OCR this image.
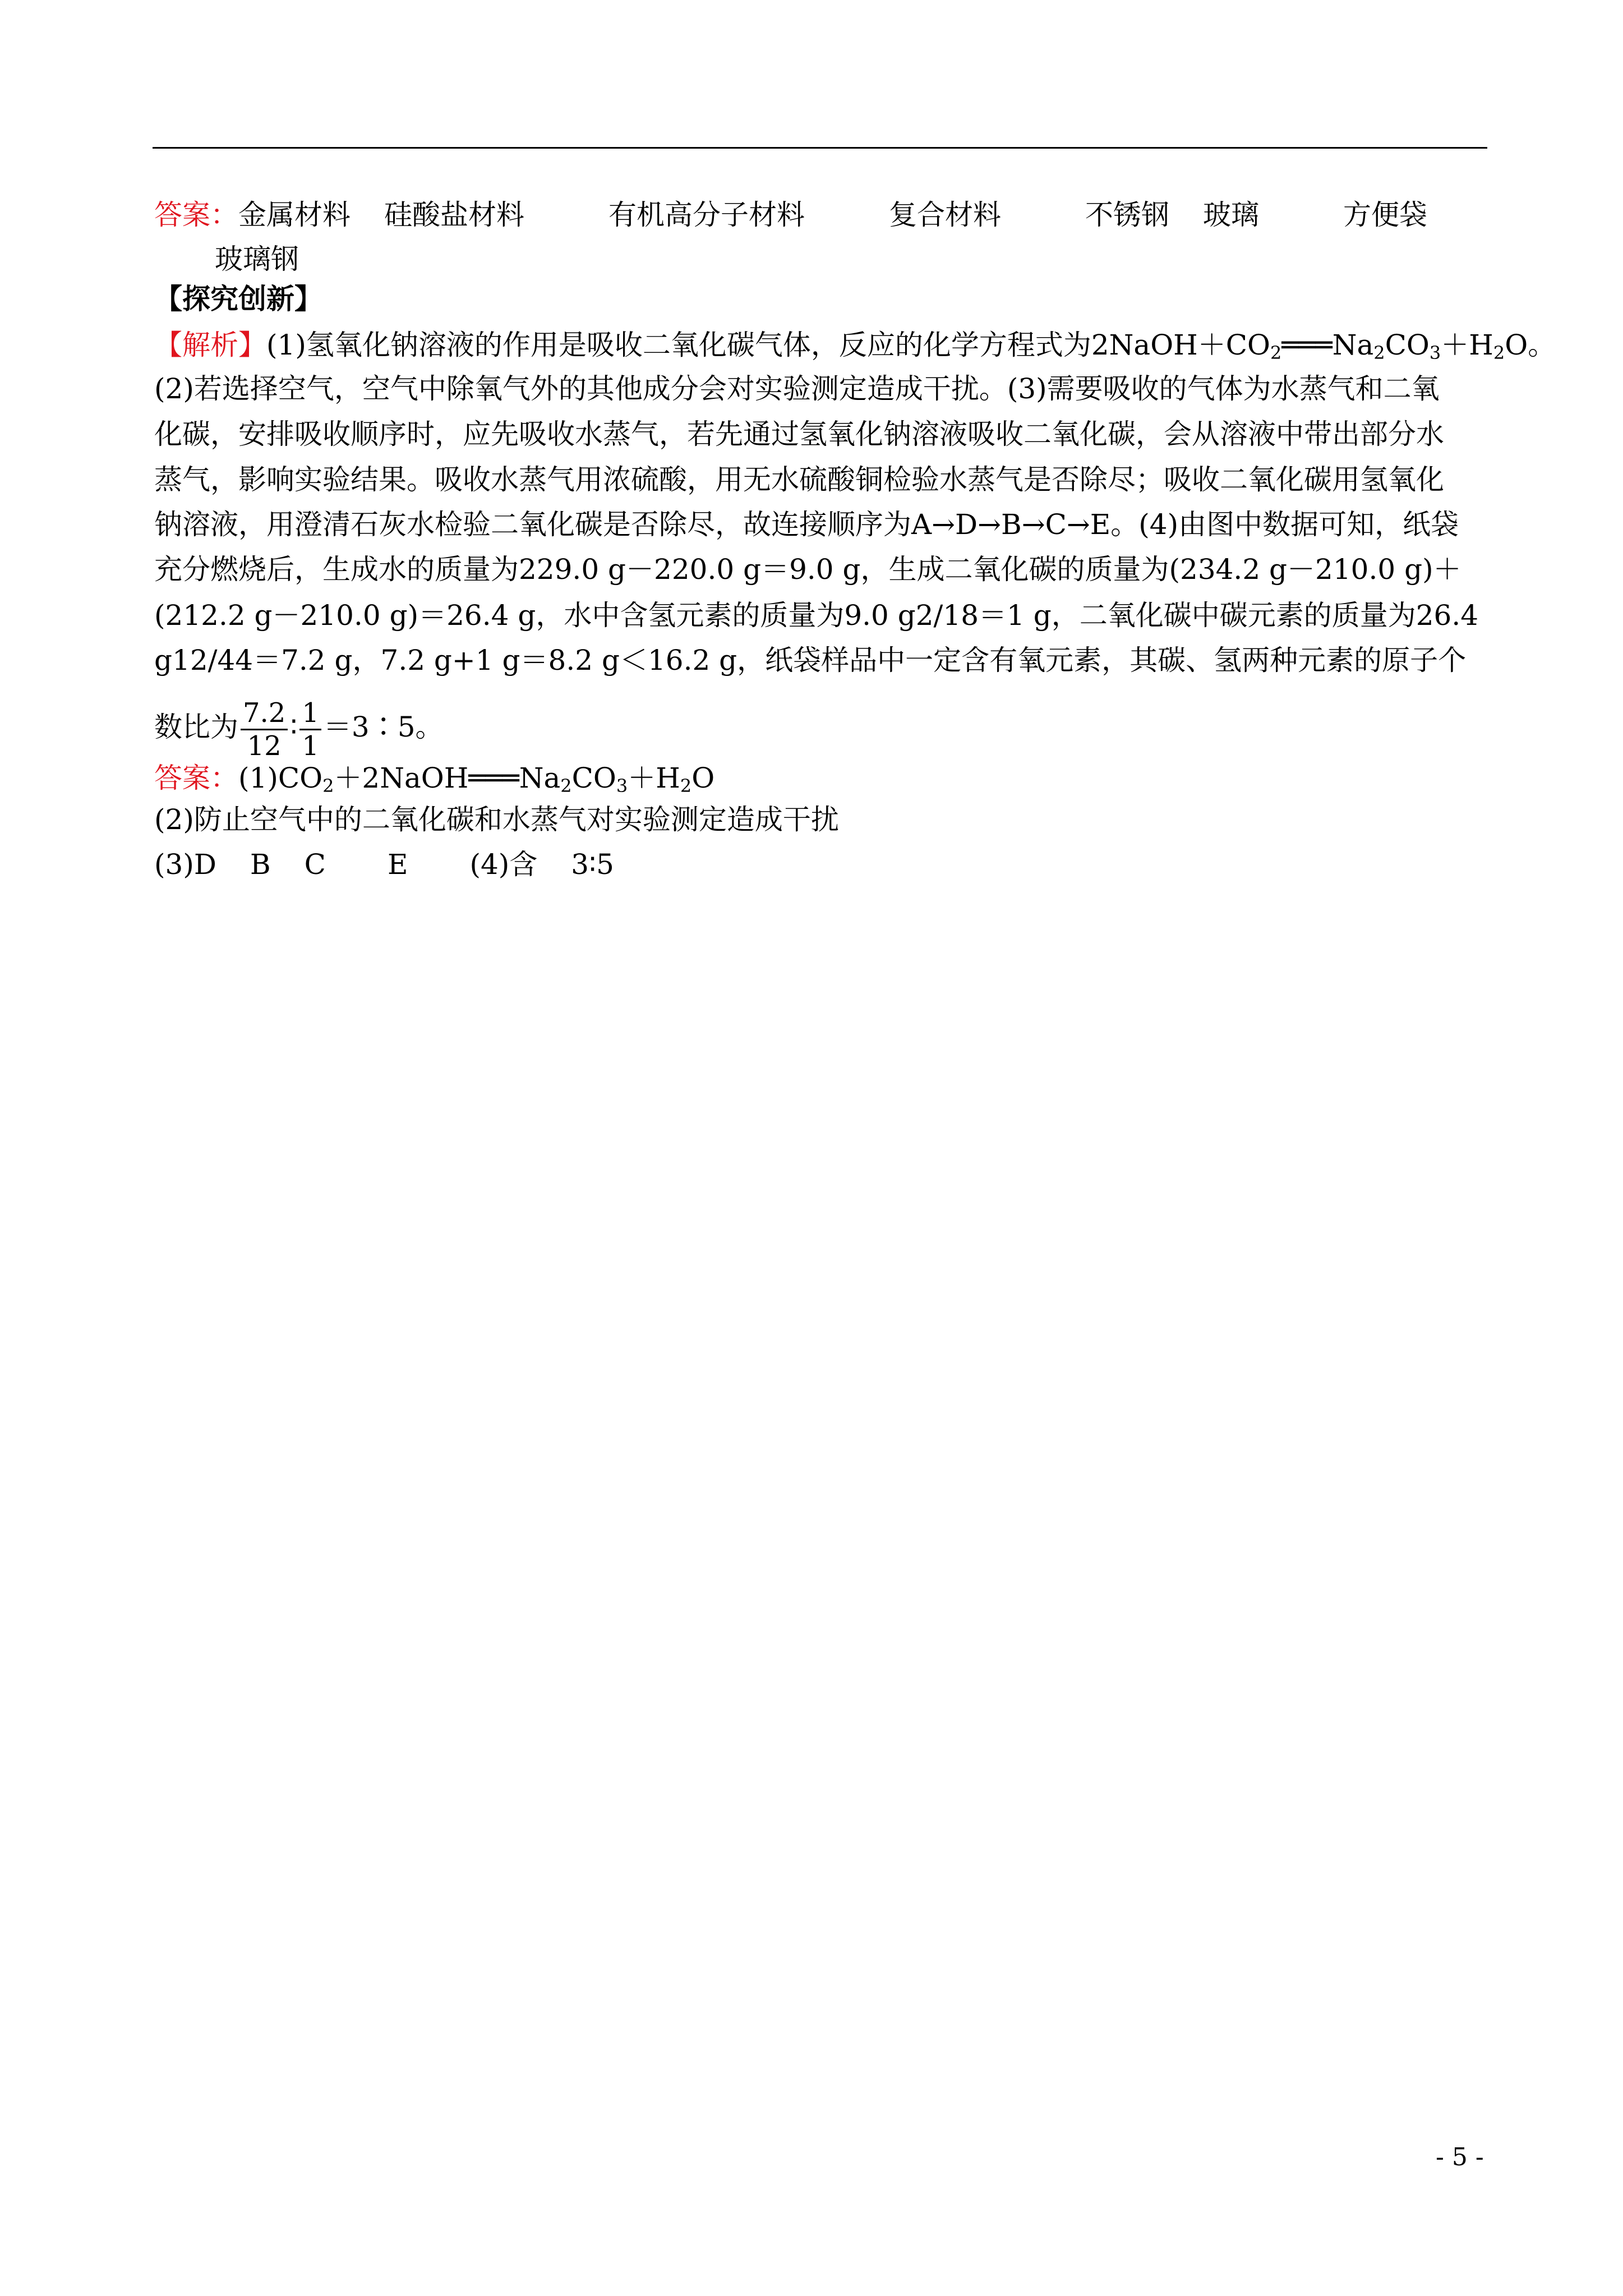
答案：金属材料 硅酸盐材料	有机高分子材料	复合材料	不锈钢 玻璃	方便袋
玻璃钢
【探究创新】
【解析】(1)氢氧化钠溶液的作用是吸收二氧化碳气体，反应的化学方程式为$2NaOH+CO_2═══Na_2CO_3+H_2O$。
(2)若选择空气，空气中除氧气外的其他成分会对实验测定造成干扰。(3)需要吸收的气体为水蒸气和二氧
化碳，安排吸收顺序时，应先吸收水蒸气，若先通过氢氧化钠溶液吸收二氧化碳，会从溶液中带出部分水
蒸气，影响实验结果。吸收水蒸气用浓硫酸，用无水硫酸铜检验水蒸气是否除尽；吸收二氧化碳用氢氧化
钠溶液，用澄清石灰水检验二氧化碳是否除尽，故连接顺序为A→D→B→C→E。(4)由图中数据可知，纸袋
充分燃烧后，生成水的质量为229.0 g－220.0 g＝9.0 g，生成二氧化碳的质量为(234.2 g－210.0 g)＋
(212.2 g－210.0 g)＝26.4 g，水中含氢元素的质量为9.0 g2/18＝1 g，二氧化碳中碳元素的质量为26.4
g12/44＝7.2 g，7.2 g+1 g＝8.2 g＜16.2 g，纸袋样品中一定含有氧元素，其碳、氢两种元素的原子个
数比为 $\frac{7.2}{12}$ ∶ $\frac{1}{1}$ ＝3∶5。
答案：$(1)CO_2+2NaOH═══Na_2CO_3+H_2O$
(2)防止空气中的二氧化碳和水蒸气对实验测定造成干扰
(3)D B C E (4)含 3∶5
- 5 -
